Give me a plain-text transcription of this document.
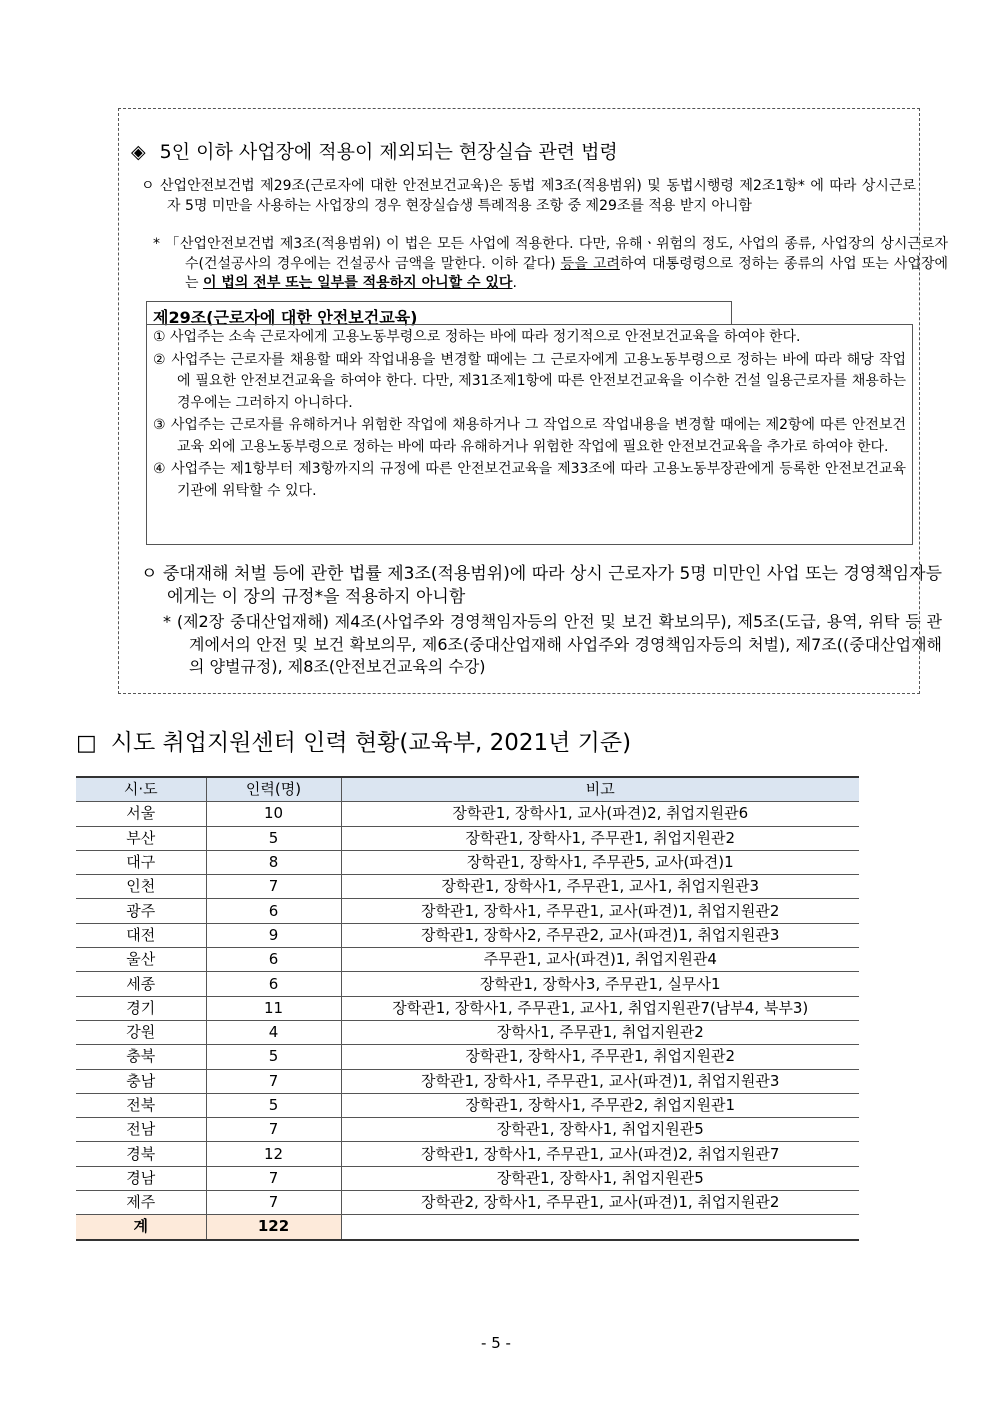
◈ 5인 이하 사업장에 적용이 제외되는 현장실습 관련 법령

ㅇ 산업안전보건법 제29조(근로자에 대한 안전보건교육)은 동법 제3조(적용범위) 및 동법시행령 제2조1항* 에 따라 상시근로자 5명 미만을 사용하는 사업장의 경우 현장실습생 특례적용 조항 중 제29조를 적용 받지 아니함

* 「산업안전보건법 제3조(적용범위) 이 법은 모든 사업에 적용한다. 다만, 유해ㆍ위험의 정도, 사업의 종류, 사업장의 상시근로자 수(건설공사의 경우에는 건설공사 금액을 말한다. 이하 같다) 등을 고려하여 대통령령으로 정하는 종류의 사업 또는 사업장에는 이 법의 전부 또는 일부를 적용하지 아니할 수 있다.
제29조(근로자에 대한 안전보건교육)

① 사업주는 소속 근로자에게 고용노동부령으로 정하는 바에 따라 정기적으로 안전보건교육을 하여야 한다.

② 사업주는 근로자를 채용할 때와 작업내용을 변경할 때에는 그 근로자에게 고용노동부령으로 정하는 바에 따라 해당 작업에 필요한 안전보건교육을 하여야 한다. 다만, 제31조제1항에 따른 안전보건교육을 이수한 건설 일용근로자를 채용하는 경우에는 그러하지 아니하다.

③ 사업주는 근로자를 유해하거나 위험한 작업에 채용하거나 그 작업으로 작업내용을 변경할 때에는 제2항에 따른 안전보건교육 외에 고용노동부령으로 정하는 바에 따라 유해하거나 위험한 작업에 필요한 안전보건교육을 추가로 하여야 한다.

④ 사업주는 제1항부터 제3항까지의 규정에 따른 안전보건교육을 제33조에 따라 고용노동부장관에게 등록한 안전보건교육기관에 위탁할 수 있다.

ㅇ 중대재해 처벌 등에 관한 법률 제3조(적용범위)에 따라 상시 근로자가 5명 미만인 사업 또는 경영책임자등에게는 이 장의 규정*을 적용하지 아니함
* (제2장 중대산업재해) 제4조(사업주와 경영책임자등의 안전 및 보건 확보의무), 제5조(도급, 용역, 위탁 등 관계에서의 안전 및 보건 확보의무, 제6조(중대산업재해 사업주와 경영책임자등의 처벌), 제7조((중대산업재해의 양벌규정), 제8조(안전보건교육의 수강)
□ 시도 취업지원센터 인력 현황(교육부, 2021년 기준)
시·도	인력(명)	비고
서울	10	장학관1, 장학사1, 교사(파견)2, 취업지원관6
부산	5	장학관1, 장학사1, 주무관1, 취업지원관2
대구	8	장학관1, 장학사1, 주무관5, 교사(파견)1
인천	7	장학관1, 장학사1, 주무관1, 교사1, 취업지원관3
광주	6	장학관1, 장학사1, 주무관1, 교사(파견)1, 취업지원관2
대전	9	장학관1, 장학사2, 주무관2, 교사(파견)1, 취업지원관3
울산	6	주무관1, 교사(파견)1, 취업지원관4
세종	6	장학관1, 장학사3, 주무관1, 실무사1
경기	11	장학관1, 장학사1, 주무관1, 교사1, 취업지원관7(남부4, 북부3)
강원	4	장학사1, 주무관1, 취업지원관2
충북	5	장학관1, 장학사1, 주무관1, 취업지원관2
충남	7	장학관1, 장학사1, 주무관1, 교사(파견)1, 취업지원관3
전북	5	장학관1, 장학사1, 주무관2, 취업지원관1
전남	7	장학관1, 장학사1, 취업지원관5
경북	12	장학관1, 장학사1, 주무관1, 교사(파견)2, 취업지원관7
경남	7	장학관1, 장학사1, 취업지원관5
제주	7	장학관2, 장학사1, 주무관1, 교사(파견)1, 취업지원관2
계	122	
- 5 -
